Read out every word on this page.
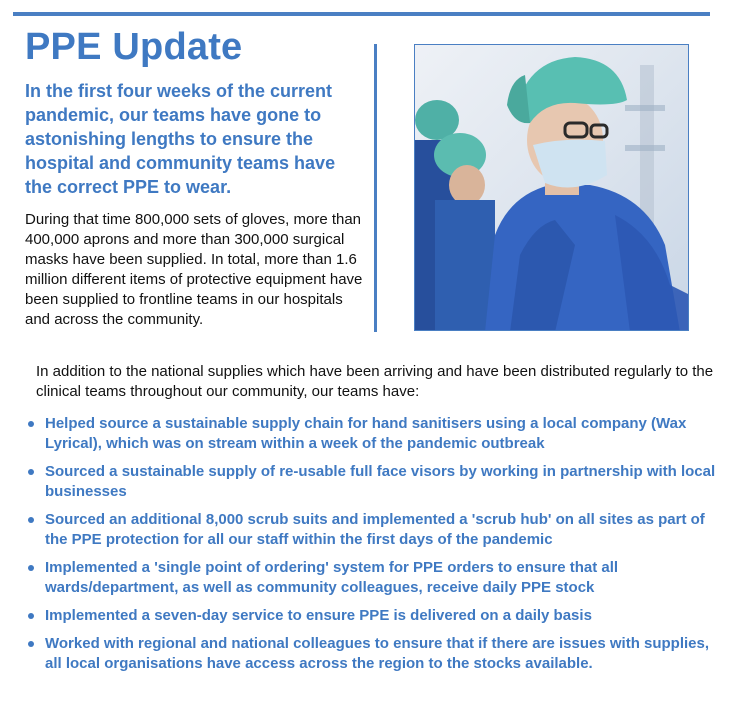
PPE Update

In the first four weeks of the current pandemic, our teams have gone to astonishing lengths to ensure the hospital and community teams have the correct PPE to wear.

During that time 800,000 sets of gloves, more than 400,000 aprons and more than 300,000 surgical masks have been supplied. In total, more than 1.6 million different items of protective equipment have been supplied to frontline teams in our hospitals and across the community.

In addition to the national supplies which have been arriving and have been distributed regularly to the clinical teams throughout our community, our teams have:

Helped source a sustainable supply chain for hand sanitisers using a local company (Wax Lyrical), which was on stream within a week of the pandemic outbreak
Sourced a sustainable supply of re-usable full face visors by working in partnership with local businesses
Sourced an additional 8,000 scrub suits and implemented a 'scrub hub' on all sites as part of the PPE protection for all our staff within the first days of the pandemic
Implemented a 'single point of ordering' system for PPE orders to ensure that all wards/department, as well as community colleagues, receive daily PPE stock
Implemented a seven-day service to ensure PPE is delivered on a daily basis
Worked with regional and national colleagues to ensure that if there are issues with supplies, all local organisations have access across the region to the stocks available.
